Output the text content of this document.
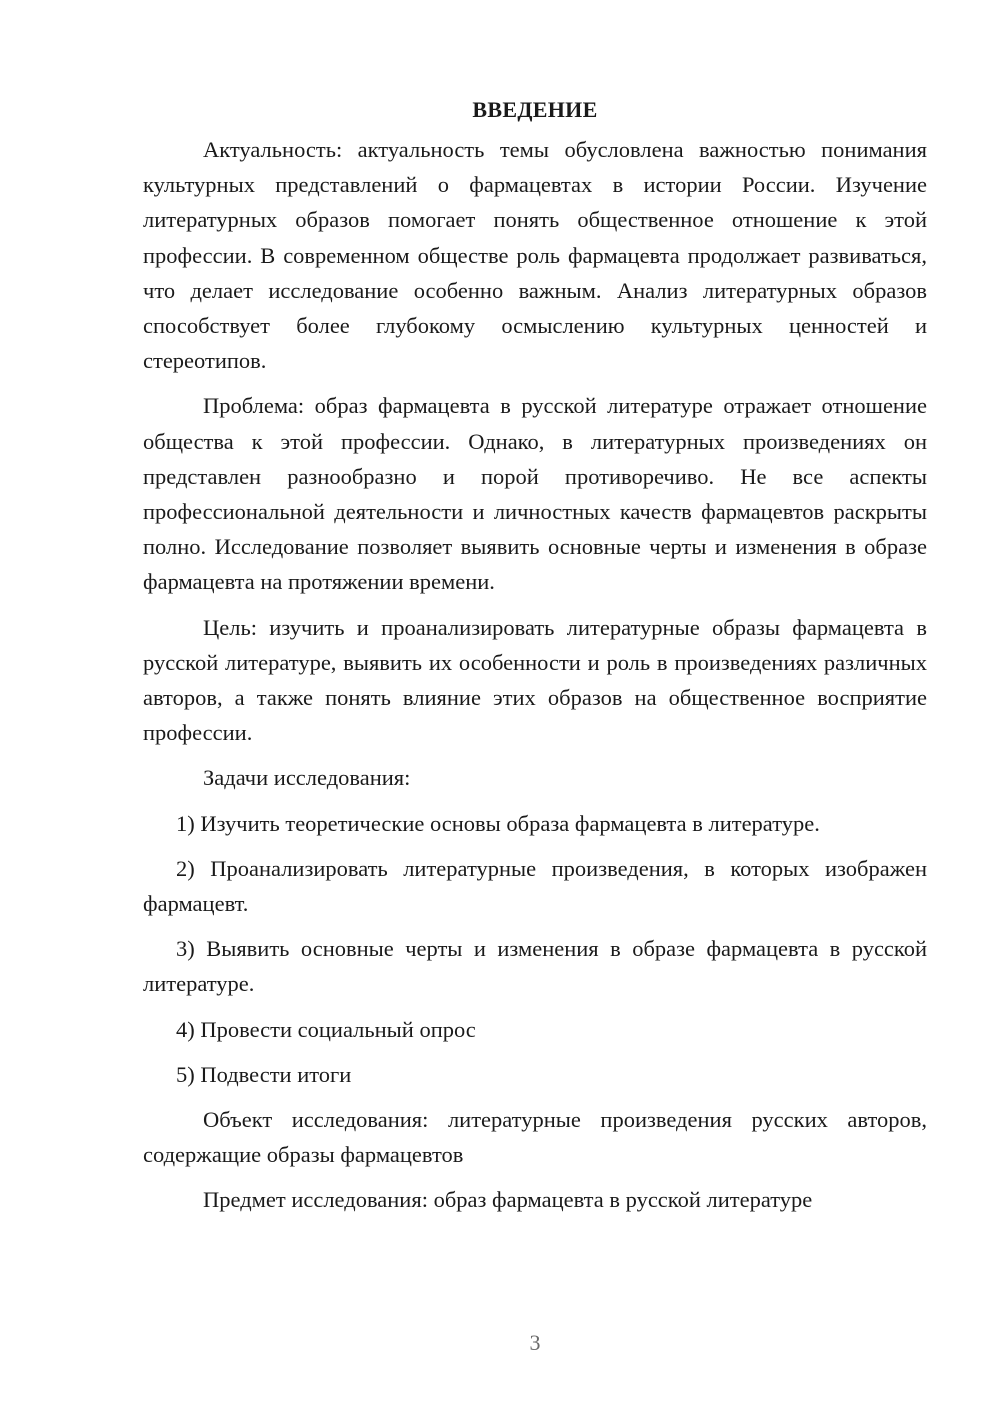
ВВЕДЕНИЕ

Актуальность: актуальность темы обусловлена важностью понимания культурных представлений о фармацевтах в истории России. Изучение литературных образов помогает понять общественное отношение к этой профессии. В современном обществе роль фармацевта продолжает развиваться, что делает исследование особенно важным. Анализ литературных образов способствует более глубокому осмыслению культурных ценностей и стереотипов.

Проблема: образ фармацевта в русской литературе отражает отношение общества к этой профессии. Однако, в литературных произведениях он представлен разнообразно и порой противоречиво. Не все аспекты профессиональной деятельности и личностных качеств фармацевтов раскрыты полно. Исследование позволяет выявить основные черты и изменения в образе фармацевта на протяжении времени.

Цель: изучить и проанализировать литературные образы фармацевта в русской литературе, выявить их особенности и роль в произведениях различных авторов, а также понять влияние этих образов на общественное восприятие профессии.

Задачи исследования:

1) Изучить теоретические основы образа фармацевта в литературе.

2) Проанализировать литературные произведения, в которых изображен фармацевт.

3) Выявить основные черты и изменения в образе фармацевта в русской литературе.

4) Провести социальный опрос

5) Подвести итоги

Объект исследования: литературные произведения русских авторов, содержащие образы фармацевтов

Предмет исследования: образ фармацевта в русской литературе

3
